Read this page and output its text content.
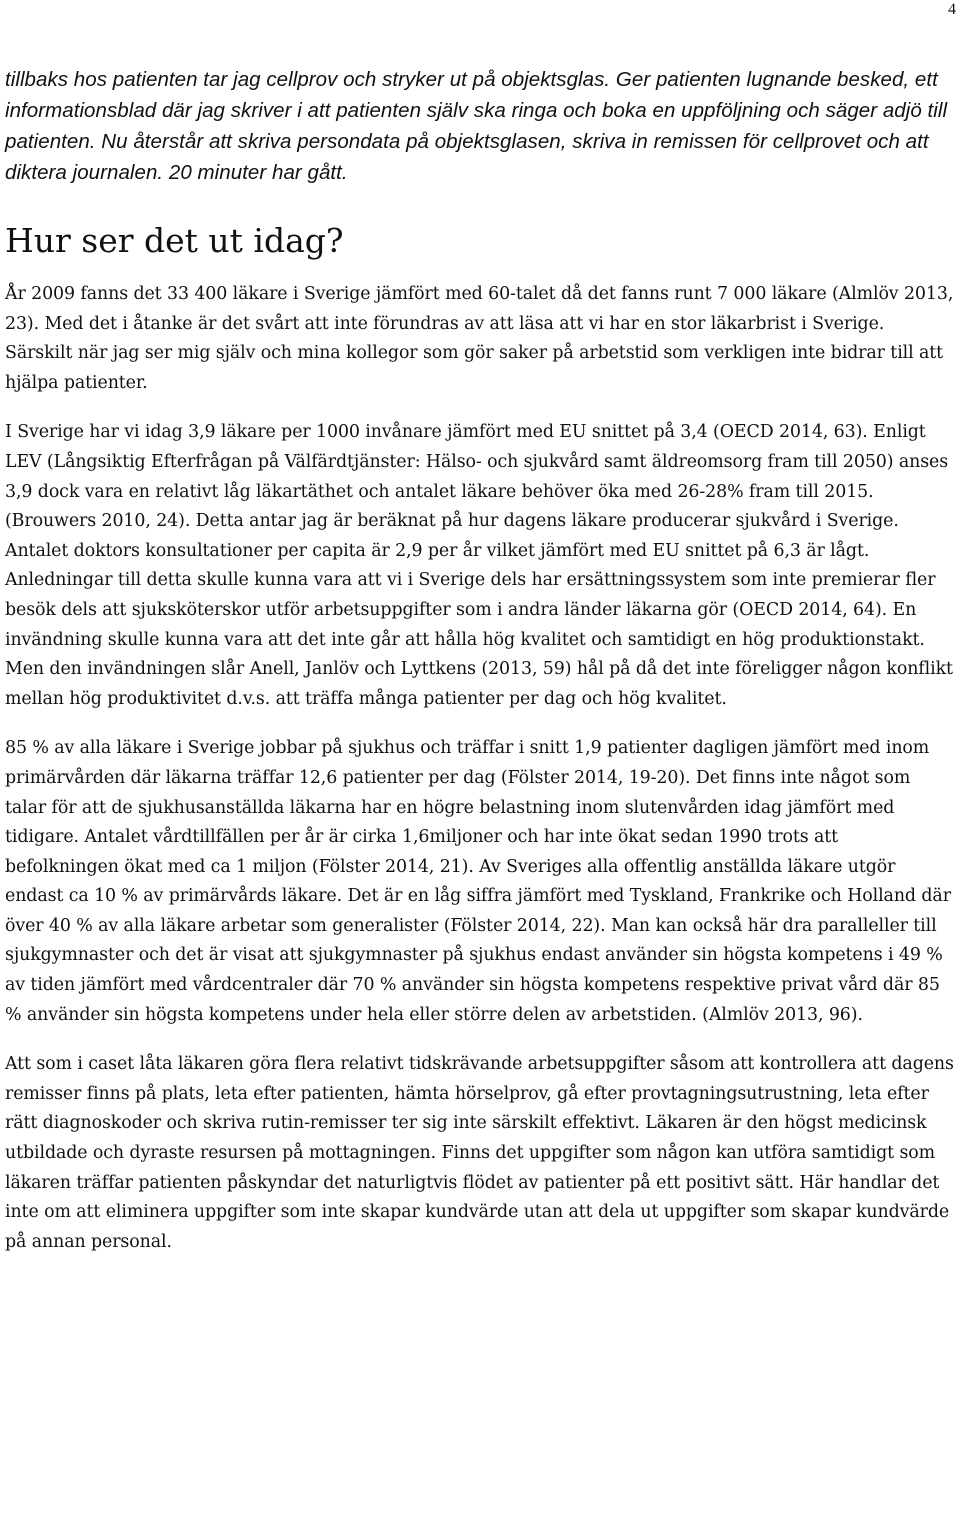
4

tillbaks hos patienten tar jag cellprov och stryker ut på objektsglas. Ger patienten lugnande besked, ett informationsblad där jag skriver i att patienten själv ska ringa och boka en uppföljning och säger adjö till patienten. Nu återstår att skriva persondata på objektsglasen, skriva in remissen för cellprovet och att diktera journalen. 20 minuter har gått.

Hur ser det ut idag?

År 2009 fanns det 33 400 läkare i Sverige jämfört med 60-talet då det fanns runt 7 000 läkare (Almlöv 2013, 23). Med det i åtanke är det svårt att inte förundras av att läsa att vi har en stor läkarbrist i Sverige. Särskilt när jag ser mig själv och mina kollegor som gör saker på arbetstid som verkligen inte bidrar till att hjälpa patienter.

I Sverige har vi idag 3,9 läkare per 1000 invånare jämfört med EU snittet på 3,4 (OECD 2014, 63). Enligt LEV (Långsiktig Efterfrågan på Välfärdtjänster: Hälso- och sjukvård samt äldreomsorg fram till 2050) anses 3,9 dock vara en relativt låg läkartäthet och antalet läkare behöver öka med 26-28% fram till 2015. (Brouwers 2010, 24). Detta antar jag är beräknat på hur dagens läkare producerar sjukvård i Sverige. Antalet doktors konsultationer per capita är 2,9 per år vilket jämfört med EU snittet på 6,3 är lågt. Anledningar till detta skulle kunna vara att vi i Sverige dels har ersättningssystem som inte premierar fler besök dels att sjuksköterskor utför arbetsuppgifter som i andra länder läkarna gör (OECD 2014, 64). En invändning skulle kunna vara att det inte går att hålla hög kvalitet och samtidigt en hög produktionstakt. Men den invändningen slår Anell, Janlöv och Lyttkens (2013, 59) hål på då det inte föreligger någon konflikt mellan hög produktivitet d.v.s. att träffa många patienter per dag och hög kvalitet.

85 % av alla läkare i Sverige jobbar på sjukhus och träffar i snitt 1,9 patienter dagligen jämfört med inom primärvården där läkarna träffar 12,6 patienter per dag (Fölster 2014, 19-20). Det finns inte något som talar för att de sjukhusanställda läkarna har en högre belastning inom slutenvården idag jämfört med tidigare. Antalet vårdtillfällen per år är cirka 1,6miljoner och har inte ökat sedan 1990 trots att befolkningen ökat med ca 1 miljon (Fölster 2014, 21). Av Sveriges alla offentlig anställda läkare utgör endast ca 10 % av primärvårds läkare. Det är en låg siffra jämfört med Tyskland, Frankrike och Holland där över 40 % av alla läkare arbetar som generalister (Fölster 2014, 22). Man kan också här dra paralleller till sjukgymnaster och det är visat att sjukgymnaster på sjukhus endast använder sin högsta kompetens i 49 % av tiden jämfört med vårdcentraler där 70 % använder sin högsta kompetens respektive privat vård där 85 % använder sin högsta kompetens under hela eller större delen av arbetstiden. (Almlöv 2013, 96).

Att som i caset låta läkaren göra flera relativt tidskrävande arbetsuppgifter såsom att kontrollera att dagens remisser finns på plats, leta efter patienten, hämta hörselprov, gå efter provtagningsutrustning, leta efter rätt diagnoskoder och skriva rutin-remisser ter sig inte särskilt effektivt. Läkaren är den högst medicinsk utbildade och dyraste resursen på mottagningen. Finns det uppgifter som någon kan utföra samtidigt som läkaren träffar patienten påskyndar det naturligtvis flödet av patienter på ett positivt sätt. Här handlar det inte om att eliminera uppgifter som inte skapar kundvärde utan att dela ut uppgifter som skapar kundvärde på annan personal.
